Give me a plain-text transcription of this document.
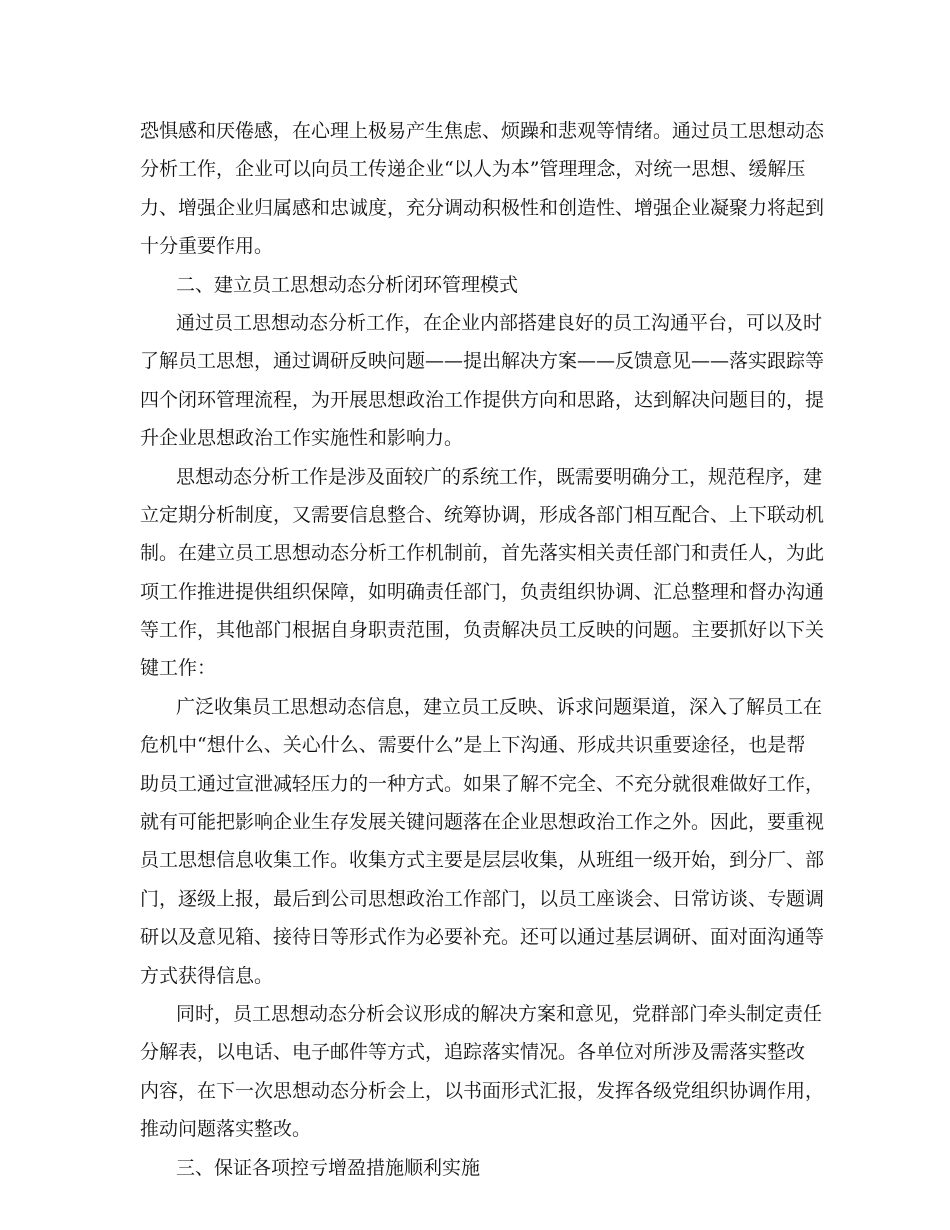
恐惧感和厌倦感，在心理上极易产生焦虑、烦躁和悲观等情绪。通过员工思想动态
分析工作，企业可以向员工传递企业“以人为本”管理理念，对统一思想、缓解压
力、增强企业归属感和忠诚度，充分调动积极性和创造性、增强企业凝聚力将起到
十分重要作用。
二、建立员工思想动态分析闭环管理模式
通过员工思想动态分析工作，在企业内部搭建良好的员工沟通平台，可以及时
了解员工思想，通过调研反映问题——提出解决方案——反馈意见——落实跟踪等
四个闭环管理流程，为开展思想政治工作提供方向和思路，达到解决问题目的，提
升企业思想政治工作实施性和影响力。
思想动态分析工作是涉及面较广的系统工作，既需要明确分工，规范程序，建
立定期分析制度，又需要信息整合、统筹协调，形成各部门相互配合、上下联动机
制。在建立员工思想动态分析工作机制前，首先落实相关责任部门和责任人，为此
项工作推进提供组织保障，如明确责任部门，负责组织协调、汇总整理和督办沟通
等工作，其他部门根据自身职责范围，负责解决员工反映的问题。主要抓好以下关
键工作：
广泛收集员工思想动态信息，建立员工反映、诉求问题渠道，深入了解员工在
危机中“想什么、关心什么、需要什么”是上下沟通、形成共识重要途径，也是帮
助员工通过宣泄减轻压力的一种方式。如果了解不完全、不充分就很难做好工作，
就有可能把影响企业生存发展关键问题落在企业思想政治工作之外。因此，要重视
员工思想信息收集工作。收集方式主要是层层收集，从班组一级开始，到分厂、部
门，逐级上报，最后到公司思想政治工作部门，以员工座谈会、日常访谈、专题调
研以及意见箱、接待日等形式作为必要补充。还可以通过基层调研、面对面沟通等
方式获得信息。
同时，员工思想动态分析会议形成的解决方案和意见，党群部门牵头制定责任
分解表，以电话、电子邮件等方式，追踪落实情况。各单位对所涉及需落实整改
内容，在下一次思想动态分析会上，以书面形式汇报，发挥各级党组织协调作用，
推动问题落实整改。
三、保证各项控亏增盈措施顺利实施
